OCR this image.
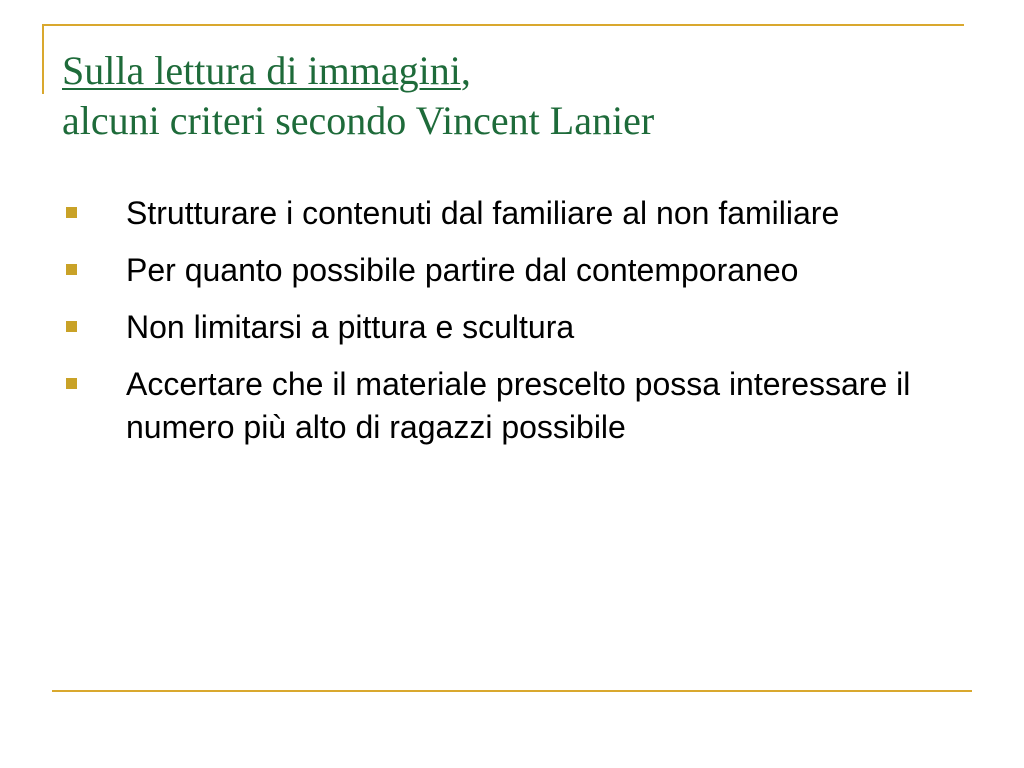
Sulla lettura di immagini,
alcuni criteri secondo Vincent Lanier
Strutturare i contenuti dal familiare al non familiare
Per quanto possibile partire dal contemporaneo
Non limitarsi a pittura e scultura
Accertare che il materiale prescelto possa interessare il numero più alto di ragazzi possibile
